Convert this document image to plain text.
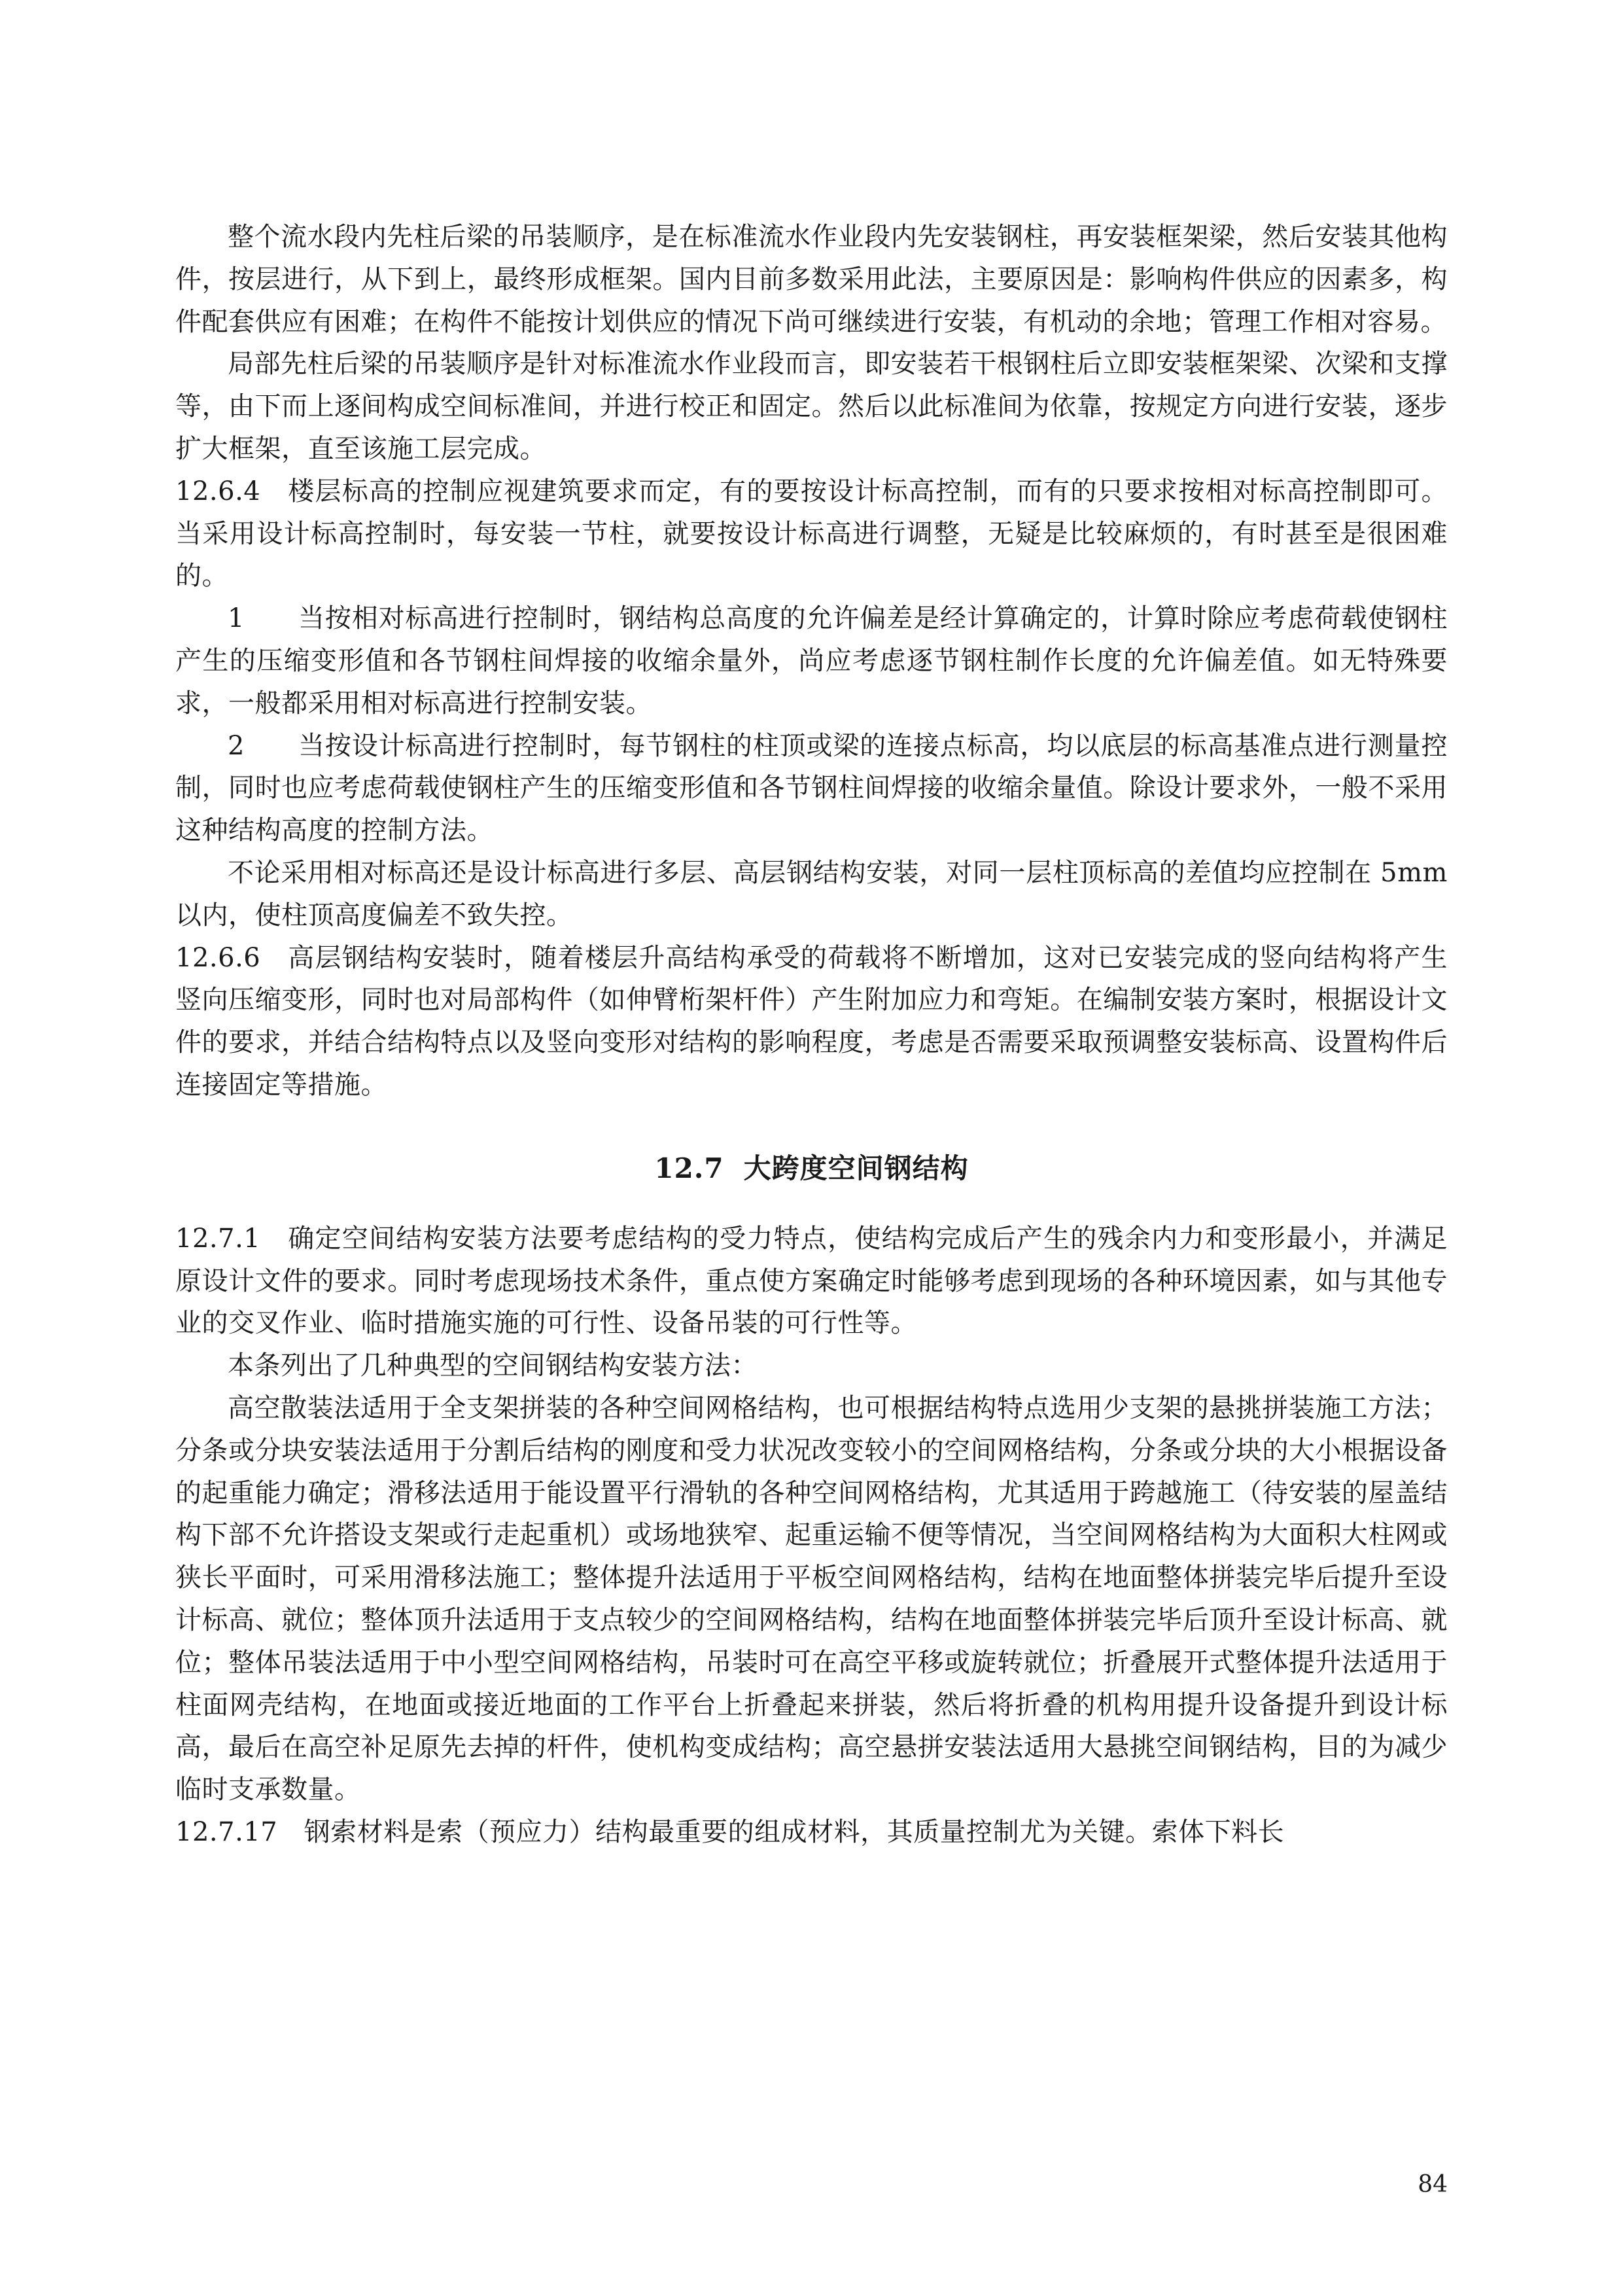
整个流水段内先柱后梁的吊装顺序，是在标准流水作业段内先安装钢柱，再安装框架梁，然后安装其他构件，按层进行，从下到上，最终形成框架。国内目前多数采用此法，主要原因是：影响构件供应的因素多，构件配套供应有困难；在构件不能按计划供应的情况下尚可继续进行安装，有机动的余地；管理工作相对容易。

局部先柱后梁的吊装顺序是针对标准流水作业段而言，即安装若干根钢柱后立即安装框架梁、次梁和支撑等，由下而上逐间构成空间标准间，并进行校正和固定。然后以此标准间为依靠，按规定方向进行安装，逐步扩大框架，直至该施工层完成。

12.6.4　楼层标高的控制应视建筑要求而定，有的要按设计标高控制，而有的只要求按相对标高控制即可。当采用设计标高控制时，每安装一节柱，就要按设计标高进行调整，无疑是比较麻烦的，有时甚至是很困难的。

1　　当按相对标高进行控制时，钢结构总高度的允许偏差是经计算确定的，计算时除应考虑荷载使钢柱产生的压缩变形值和各节钢柱间焊接的收缩余量外，尚应考虑逐节钢柱制作长度的允许偏差值。如无特殊要求，一般都采用相对标高进行控制安装。

2　　当按设计标高进行控制时，每节钢柱的柱顶或梁的连接点标高，均以底层的标高基准点进行测量控制，同时也应考虑荷载使钢柱产生的压缩变形值和各节钢柱间焊接的收缩余量值。除设计要求外，一般不采用这种结构高度的控制方法。

不论采用相对标高还是设计标高进行多层、高层钢结构安装，对同一层柱顶标高的差值均应控制在 5mm 以内，使柱顶高度偏差不致失控。

12.6.6　高层钢结构安装时，随着楼层升高结构承受的荷载将不断增加，这对已安装完成的竖向结构将产生竖向压缩变形，同时也对局部构件（如伸臂桁架杆件）产生附加应力和弯矩。在编制安装方案时，根据设计文件的要求，并结合结构特点以及竖向变形对结构的影响程度，考虑是否需要采取预调整安装标高、设置构件后连接固定等措施。

12.7 大跨度空间钢结构

12.7.1　确定空间结构安装方法要考虑结构的受力特点，使结构完成后产生的残余内力和变形最小，并满足原设计文件的要求。同时考虑现场技术条件，重点使方案确定时能够考虑到现场的各种环境因素，如与其他专业的交叉作业、临时措施实施的可行性、设备吊装的可行性等。

本条列出了几种典型的空间钢结构安装方法：

高空散装法适用于全支架拼装的各种空间网格结构，也可根据结构特点选用少支架的悬挑拼装施工方法；分条或分块安装法适用于分割后结构的刚度和受力状况改变较小的空间网格结构，分条或分块的大小根据设备的起重能力确定；滑移法适用于能设置平行滑轨的各种空间网格结构，尤其适用于跨越施工（待安装的屋盖结构下部不允许搭设支架或行走起重机）或场地狭窄、起重运输不便等情况，当空间网格结构为大面积大柱网或狭长平面时，可采用滑移法施工；整体提升法适用于平板空间网格结构，结构在地面整体拼装完毕后提升至设计标高、就位；整体顶升法适用于支点较少的空间网格结构，结构在地面整体拼装完毕后顶升至设计标高、就位；整体吊装法适用于中小型空间网格结构，吊装时可在高空平移或旋转就位；折叠展开式整体提升法适用于柱面网壳结构，在地面或接近地面的工作平台上折叠起来拼装，然后将折叠的机构用提升设备提升到设计标高，最后在高空补足原先去掉的杆件，使机构变成结构；高空悬拼安装法适用大悬挑空间钢结构，目的为减少临时支承数量。

12.7.17　钢索材料是索（预应力）结构最重要的组成材料，其质量控制尤为关键。索体下料长

84
